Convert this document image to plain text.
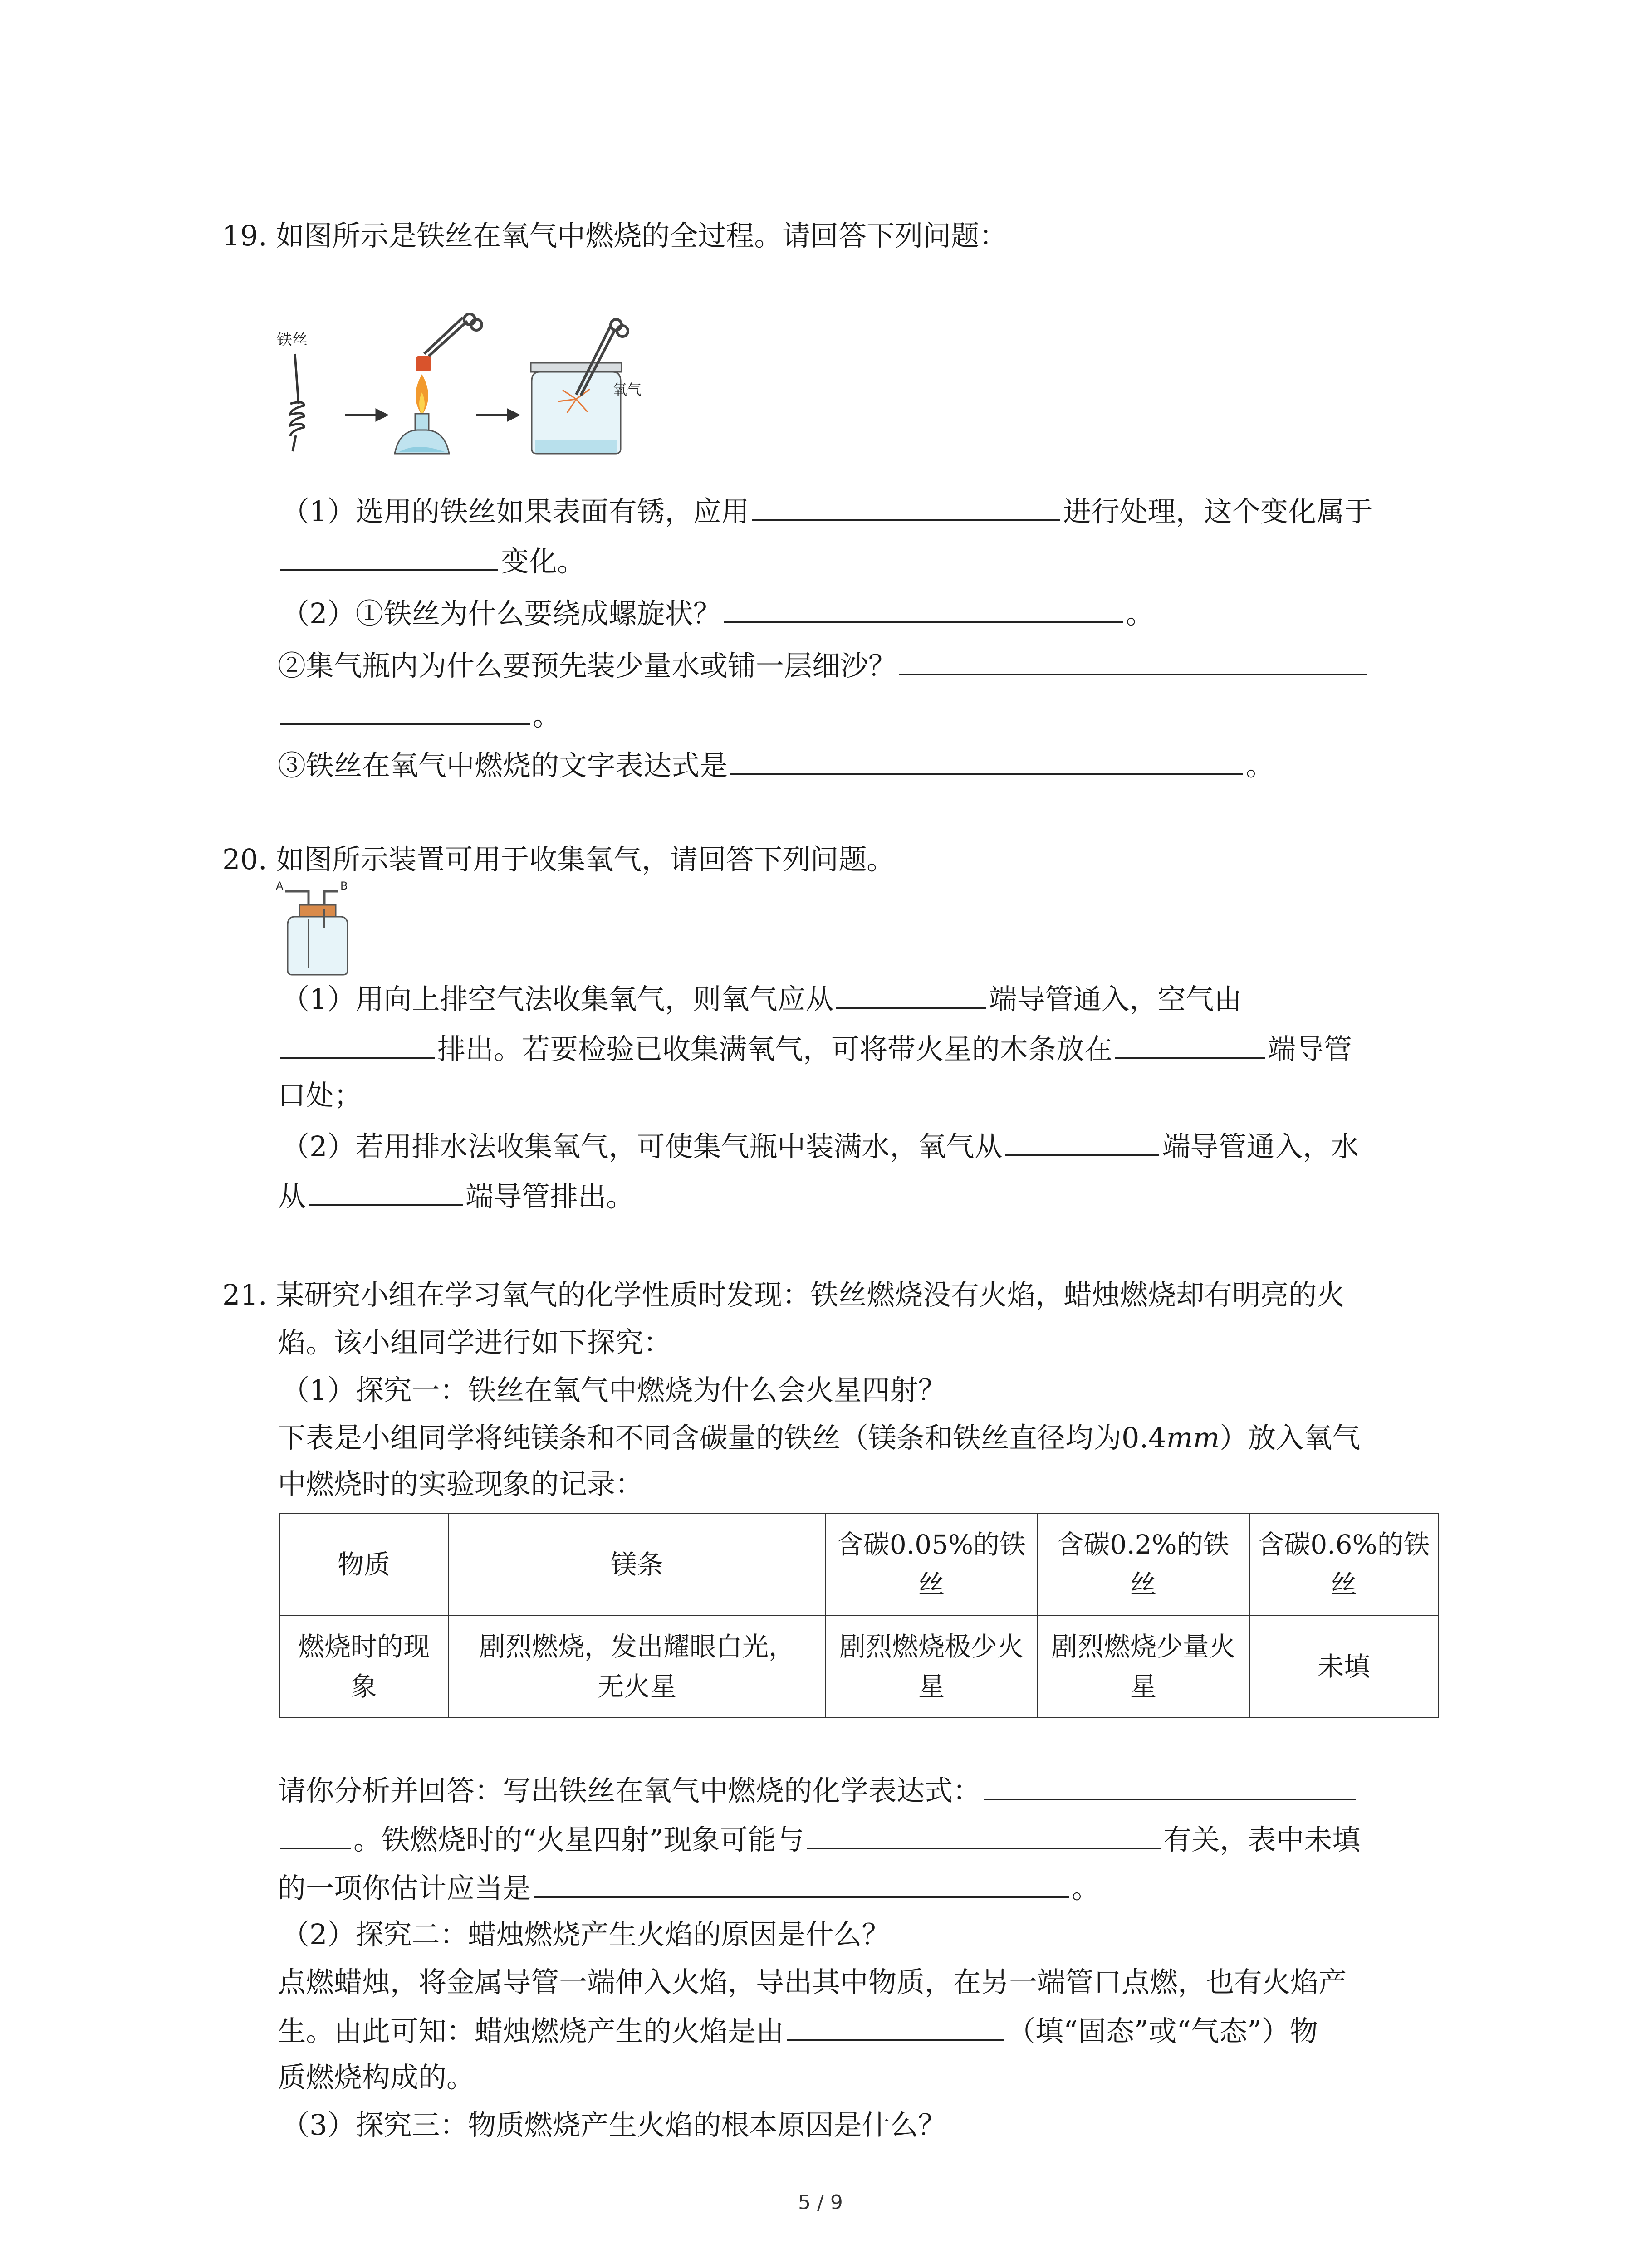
19. 如图所示是铁丝在氧气中燃烧的全过程。请回答下列问题：
铁丝
氧气
（1）选用的铁丝如果表面有锈，应用	进行处理，这个变化属于
变化。
（2）①铁丝为什么要绕成螺旋状？	。
②集气瓶内为什么要预先装少量水或铺一层细沙？
。
③铁丝在氧气中燃烧的文字表达式是	。
20. 如图所示装置可用于收集氧气，请回答下列问题。
A	B
（1）用向上排空气法收集氧气，则氧气应从	端导管通入，空气由
排出。若要检验已收集满氧气，可将带火星的木条放在	端导管
口处；
（2）若用排水法收集氧气，可使集气瓶中装满水，氧气从	端导管通入，水
从	端导管排出。
21. 某研究小组在学习氧气的化学性质时发现：铁丝燃烧没有火焰，蜡烛燃烧却有明亮的火
焰。该小组同学进行如下探究：
（1）探究一：铁丝在氧气中燃烧为什么会火星四射？
下表是小组同学将纯镁条和不同含碳量的铁丝（镁条和铁丝直径均为0.4mm）放入氧气
中燃烧时的实验现象的记录：
物质	镁条	含碳0.05%的铁丝	含碳0.2%的铁丝	含碳0.6%的铁丝

燃烧时的现象	剧烈燃烧，发出耀眼白光，无火星	剧烈燃烧极少火星	剧烈燃烧少量火星	未填
请你分析并回答：写出铁丝在氧气中燃烧的化学表达式：
。铁燃烧时的“火星四射”现象可能与	有关，表中未填
的一项你估计应当是	。
（2）探究二：蜡烛燃烧产生火焰的原因是什么？
点燃蜡烛，将金属导管一端伸入火焰，导出其中物质，在另一端管口点燃，也有火焰产
生。由此可知：蜡烛燃烧产生的火焰是由	（填“固态”或“气态”）物
质燃烧构成的。
（3）探究三：物质燃烧产生火焰的根本原因是什么？
5 / 9
